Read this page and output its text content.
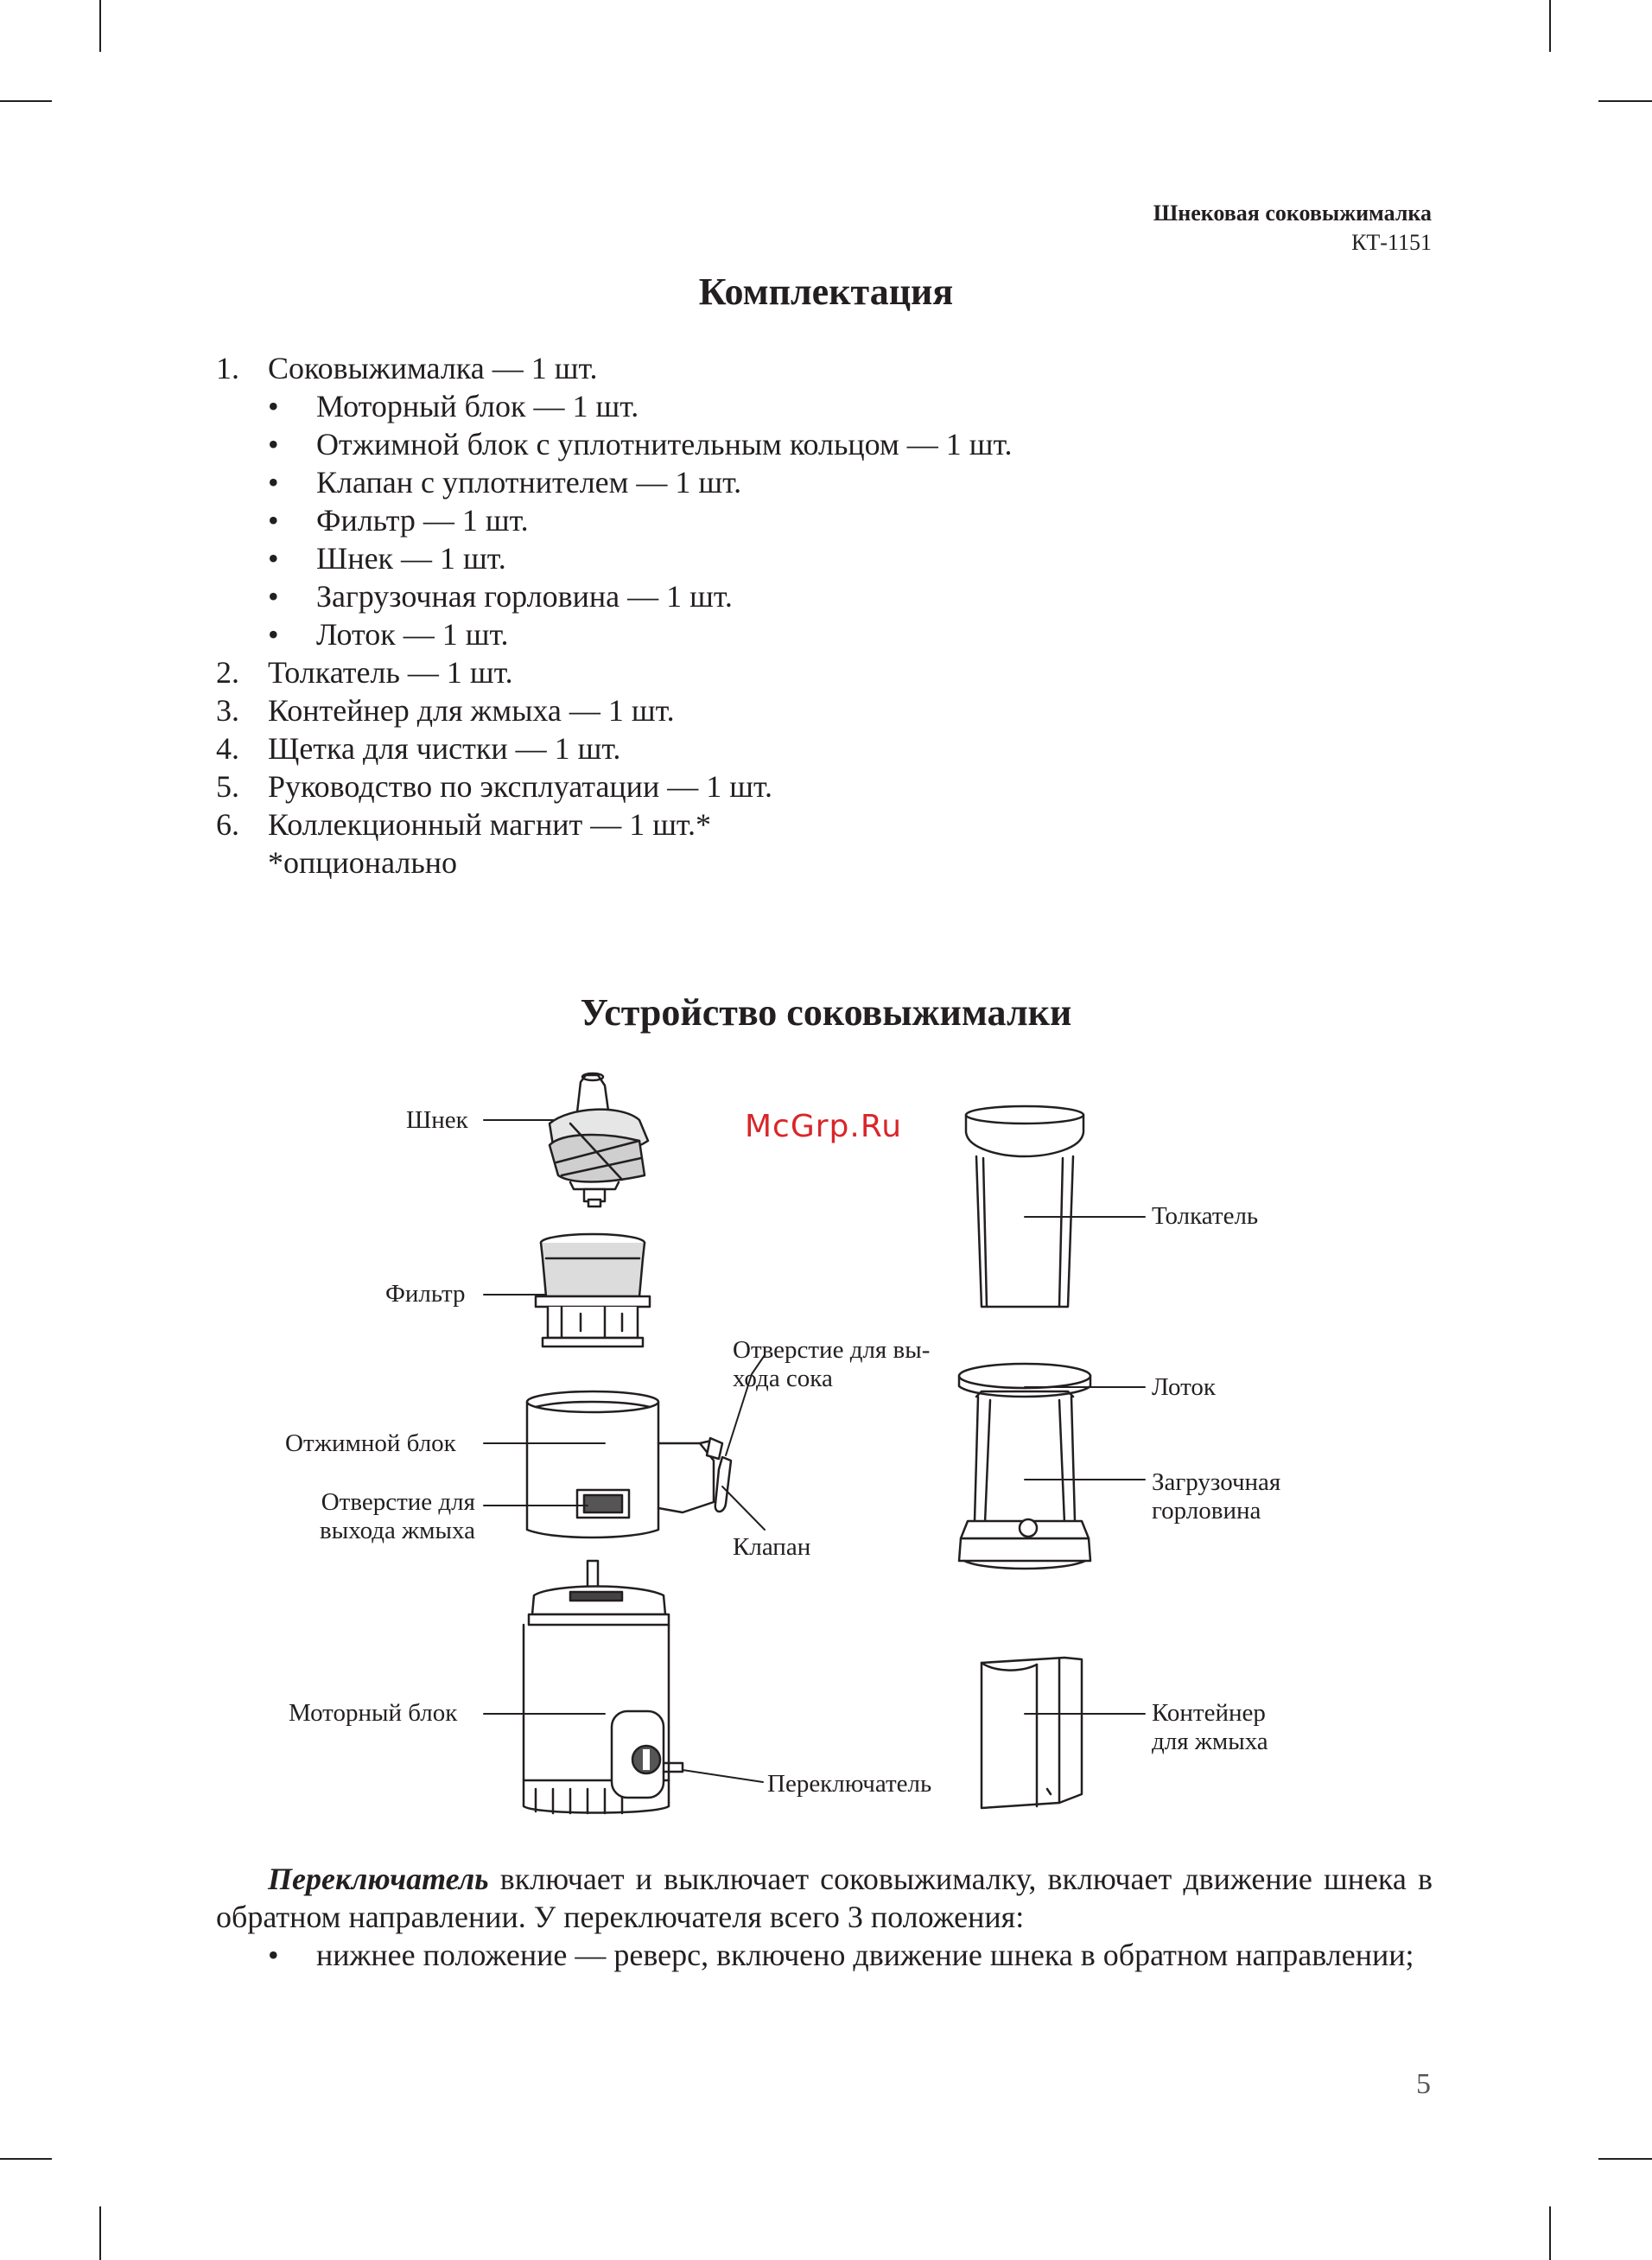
Шнековая соковыжималка
КТ-1151
Комплектация
1. Соковыжималка — 1 шт.
• Моторный блок — 1 шт.
• Отжимной блок с уплотнительным кольцом — 1 шт.
• Клапан с уплотнителем — 1 шт.
• Фильтр — 1 шт.
• Шнек — 1 шт.
• Загрузочная горловина — 1 шт.
• Лоток — 1 шт.
2. Толкатель — 1 шт.
3. Контейнер для жмыха — 1 шт.
4. Щетка для чистки — 1 шт.
5. Руководство по эксплуатации — 1 шт.
6. Коллекционный магнит — 1 шт.*
*опционально
Устройство соковыжималки
Шнек
Фильтр
Отжимной блок
Отверстие для
выхода жмыха
Моторный блок
Отверстие для вы-
хода сока
Клапан
Переключатель
Толкатель
Лоток
Загрузочная
горловина
Контейнер
для жмыха
McGrp.Ru
Переключатель включает и выключает соковыжималку, включает движение шнека в обратном направлении. У переключателя всего 3 положения:
• нижнее положение — реверс, включено движение шнека в обратном направлении;
5
